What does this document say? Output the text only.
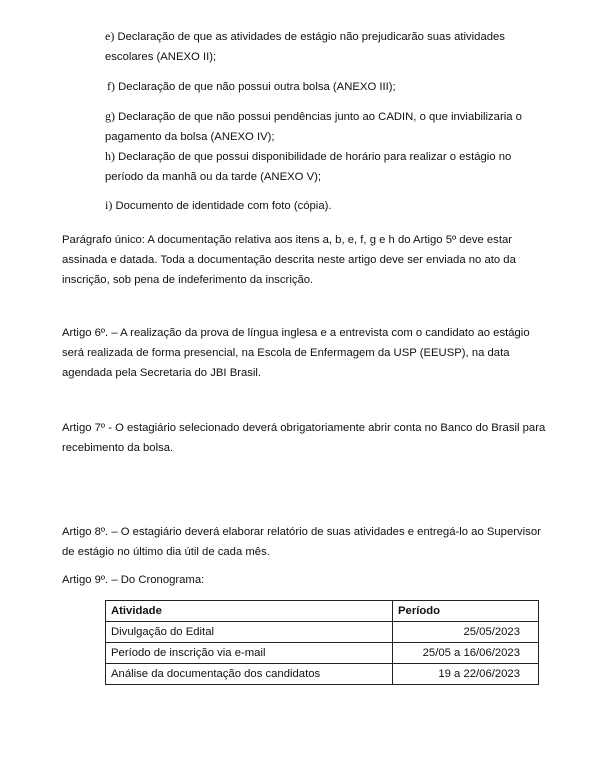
e) Declaração de que as atividades de estágio não prejudicarão suas atividades
escolares (ANEXO II);
f) Declaração de que não possui outra bolsa (ANEXO III);
g) Declaração de que não possui pendências junto ao CADIN, o que inviabilizaria o
pagamento da bolsa (ANEXO IV);
h) Declaração de que possui disponibilidade de horário para realizar o estágio no
período da manhã ou da tarde (ANEXO V);
i) Documento de identidade com foto (cópia).
Parágrafo único: A documentação relativa aos itens a, b, e, f, g e h do Artigo 5º deve estar
assinada e datada. Toda a documentação descrita neste artigo deve ser enviada no ato da
inscrição, sob pena de indeferimento da inscrição.
Artigo 6º. – A realização da prova de língua inglesa e a entrevista com o candidato ao estágio
será realizada de forma presencial, na Escola de Enfermagem da USP (EEUSP), na data
agendada pela Secretaria do JBI Brasil.
Artigo 7º - O estagiário selecionado deverá obrigatoriamente abrir conta no Banco do Brasil para
recebimento da bolsa.
Artigo 8º. – O estagiário deverá elaborar relatório de suas atividades e entregá-lo ao Supervisor
de estágio no último dia útil de cada mês.
Artigo 9º. – Do Cronograma:
Atividade	Período
Divulgação do Edital	25/05/2023
Período de inscrição via e-mail	25/05 a 16/06/2023
Análise da documentação dos candidatos	19 a 22/06/2023
